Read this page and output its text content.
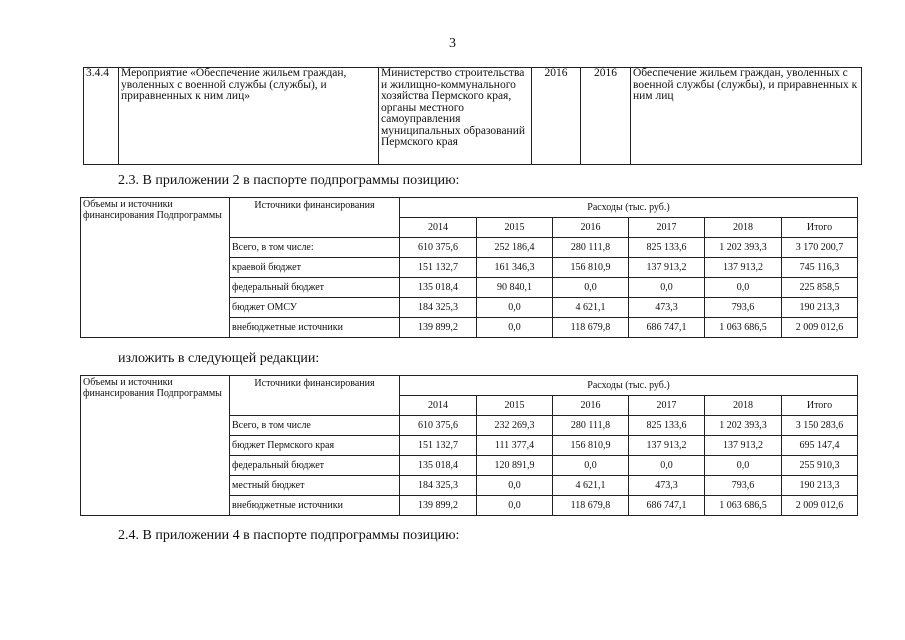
3
3.4.4	Мероприятие «Обеспечение жильем граждан, уволенных с военной службы (службы), и приравненных к ним лиц»	Министерство строительства и жилищно-коммунального хозяйства Пермского края, органы местного самоуправления муниципальных образований Пермского края	2016	2016	Обеспечение жильем граждан, уволенных с военной службы (службы), и приравненных к ним лиц
2.3. В приложении 2 в паспорте подпрограммы позицию:
Объемы и источники финансирования Подпрограммы	Источники финансирования	Расходы (тыс. руб.)					
		2014	2015	2016	2017	2018	Итого
	Всего, в том числе:	610 375,6	252 186,4	280 111,8	825 133,6	1 202 393,3	3 170 200,7
	краевой бюджет	151 132,7	161 346,3	156 810,9	137 913,2	137 913,2	745 116,3
	федеральный бюджет	135 018,4	90 840,1	0,0	0,0	0,0	225 858,5
	бюджет ОМСУ	184 325,3	0,0	4 621,1	473,3	793,6	190 213,3
	внебюджетные источники	139 899,2	0,0	118 679,8	686 747,1	1 063 686,5	2 009 012,6
изложить в следующей редакции:
Объемы и источники финансирования Подпрограммы	Источники финансирования	Расходы (тыс. руб.)					
		2014	2015	2016	2017	2018	Итого
	Всего, в том числе	610 375,6	232 269,3	280 111,8	825 133,6	1 202 393,3	3 150 283,6
	бюджет Пермского края	151 132,7	111 377,4	156 810,9	137 913,2	137 913,2	695 147,4
	федеральный бюджет	135 018,4	120 891,9	0,0	0,0	0,0	255 910,3
	местный бюджет	184 325,3	0,0	4 621,1	473,3	793,6	190 213,3
	внебюджетные источники	139 899,2	0,0	118 679,8	686 747,1	1 063 686,5	2 009 012,6
2.4. В приложении 4 в паспорте подпрограммы позицию:
